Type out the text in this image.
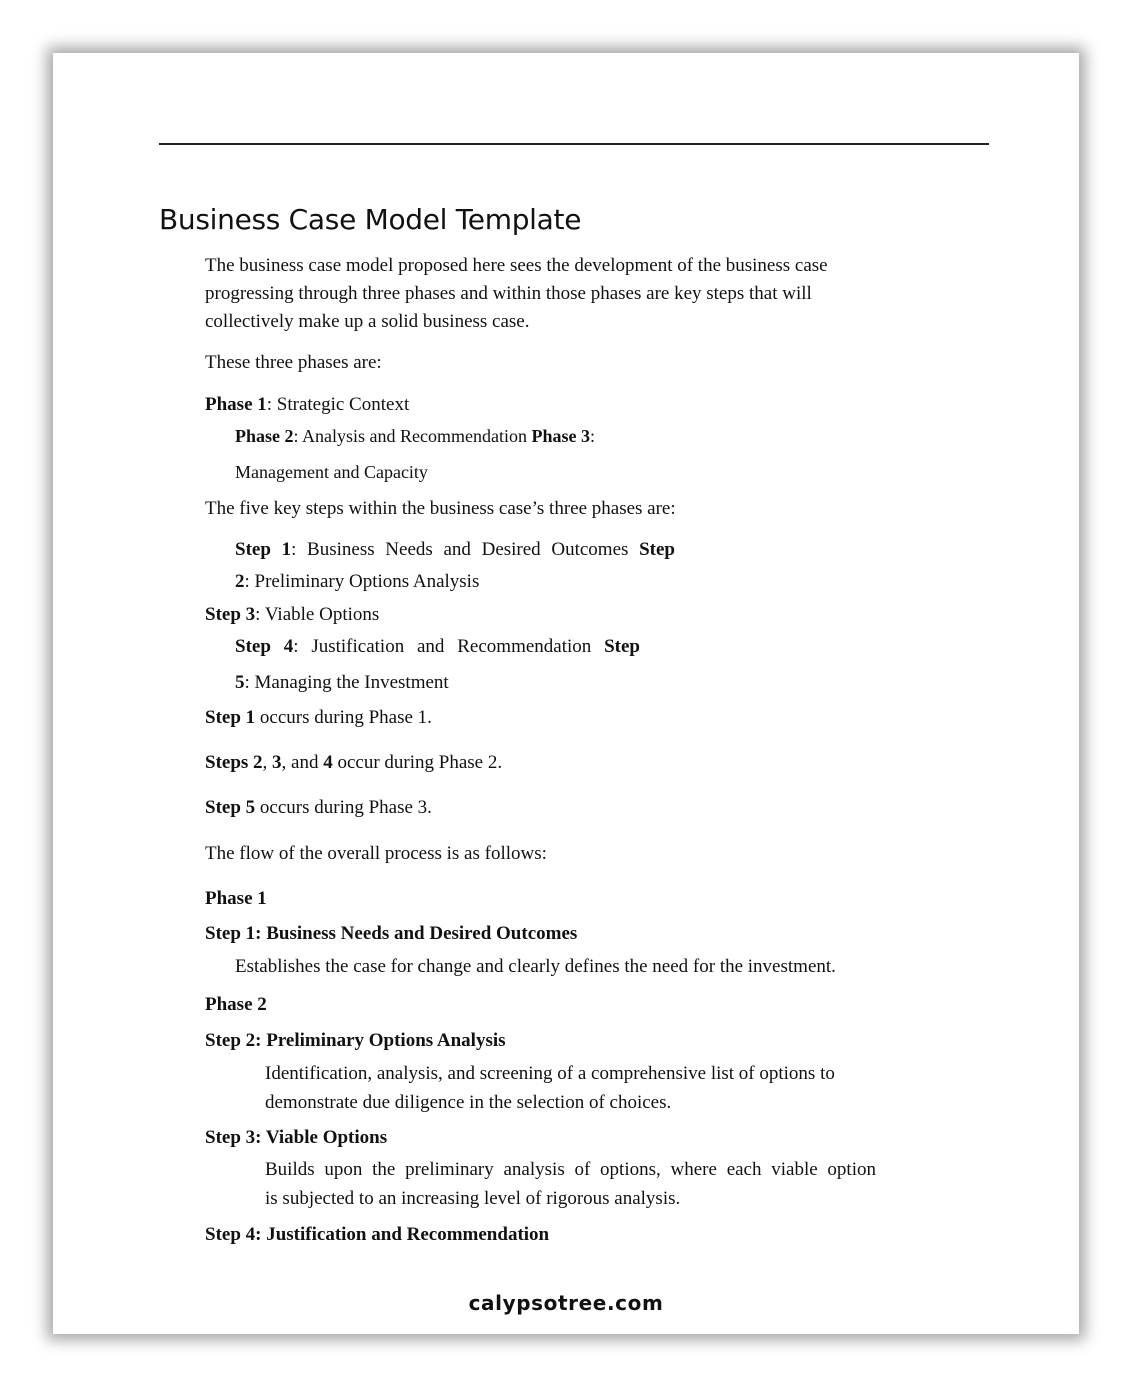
Business Case Model Template
The business case model proposed here sees the development of the business case
progressing through three phases and within those phases are key steps that will
collectively make up a solid business case.
These three phases are:
Phase 1: Strategic Context
Phase 2: Analysis and Recommendation Phase 3:
Management and Capacity
The five key steps within the business case’s three phases are:
Step 1: Business Needs and Desired Outcomes Step
2: Preliminary Options Analysis
Step 3: Viable Options
Step 4: Justification and Recommendation Step
5: Managing the Investment
Step 1 occurs during Phase 1.
Steps 2, 3, and 4 occur during Phase 2.
Step 5 occurs during Phase 3.
The flow of the overall process is as follows:
Phase 1
Step 1: Business Needs and Desired Outcomes
Establishes the case for change and clearly defines the need for the investment.
Phase 2
Step 2: Preliminary Options Analysis
Identification, analysis, and screening of a comprehensive list of options to
demonstrate due diligence in the selection of choices.
Step 3: Viable Options
Builds upon the preliminary analysis of options, where each viable option
is subjected to an increasing level of rigorous analysis.
Step 4: Justification and Recommendation
calypsotree.com
